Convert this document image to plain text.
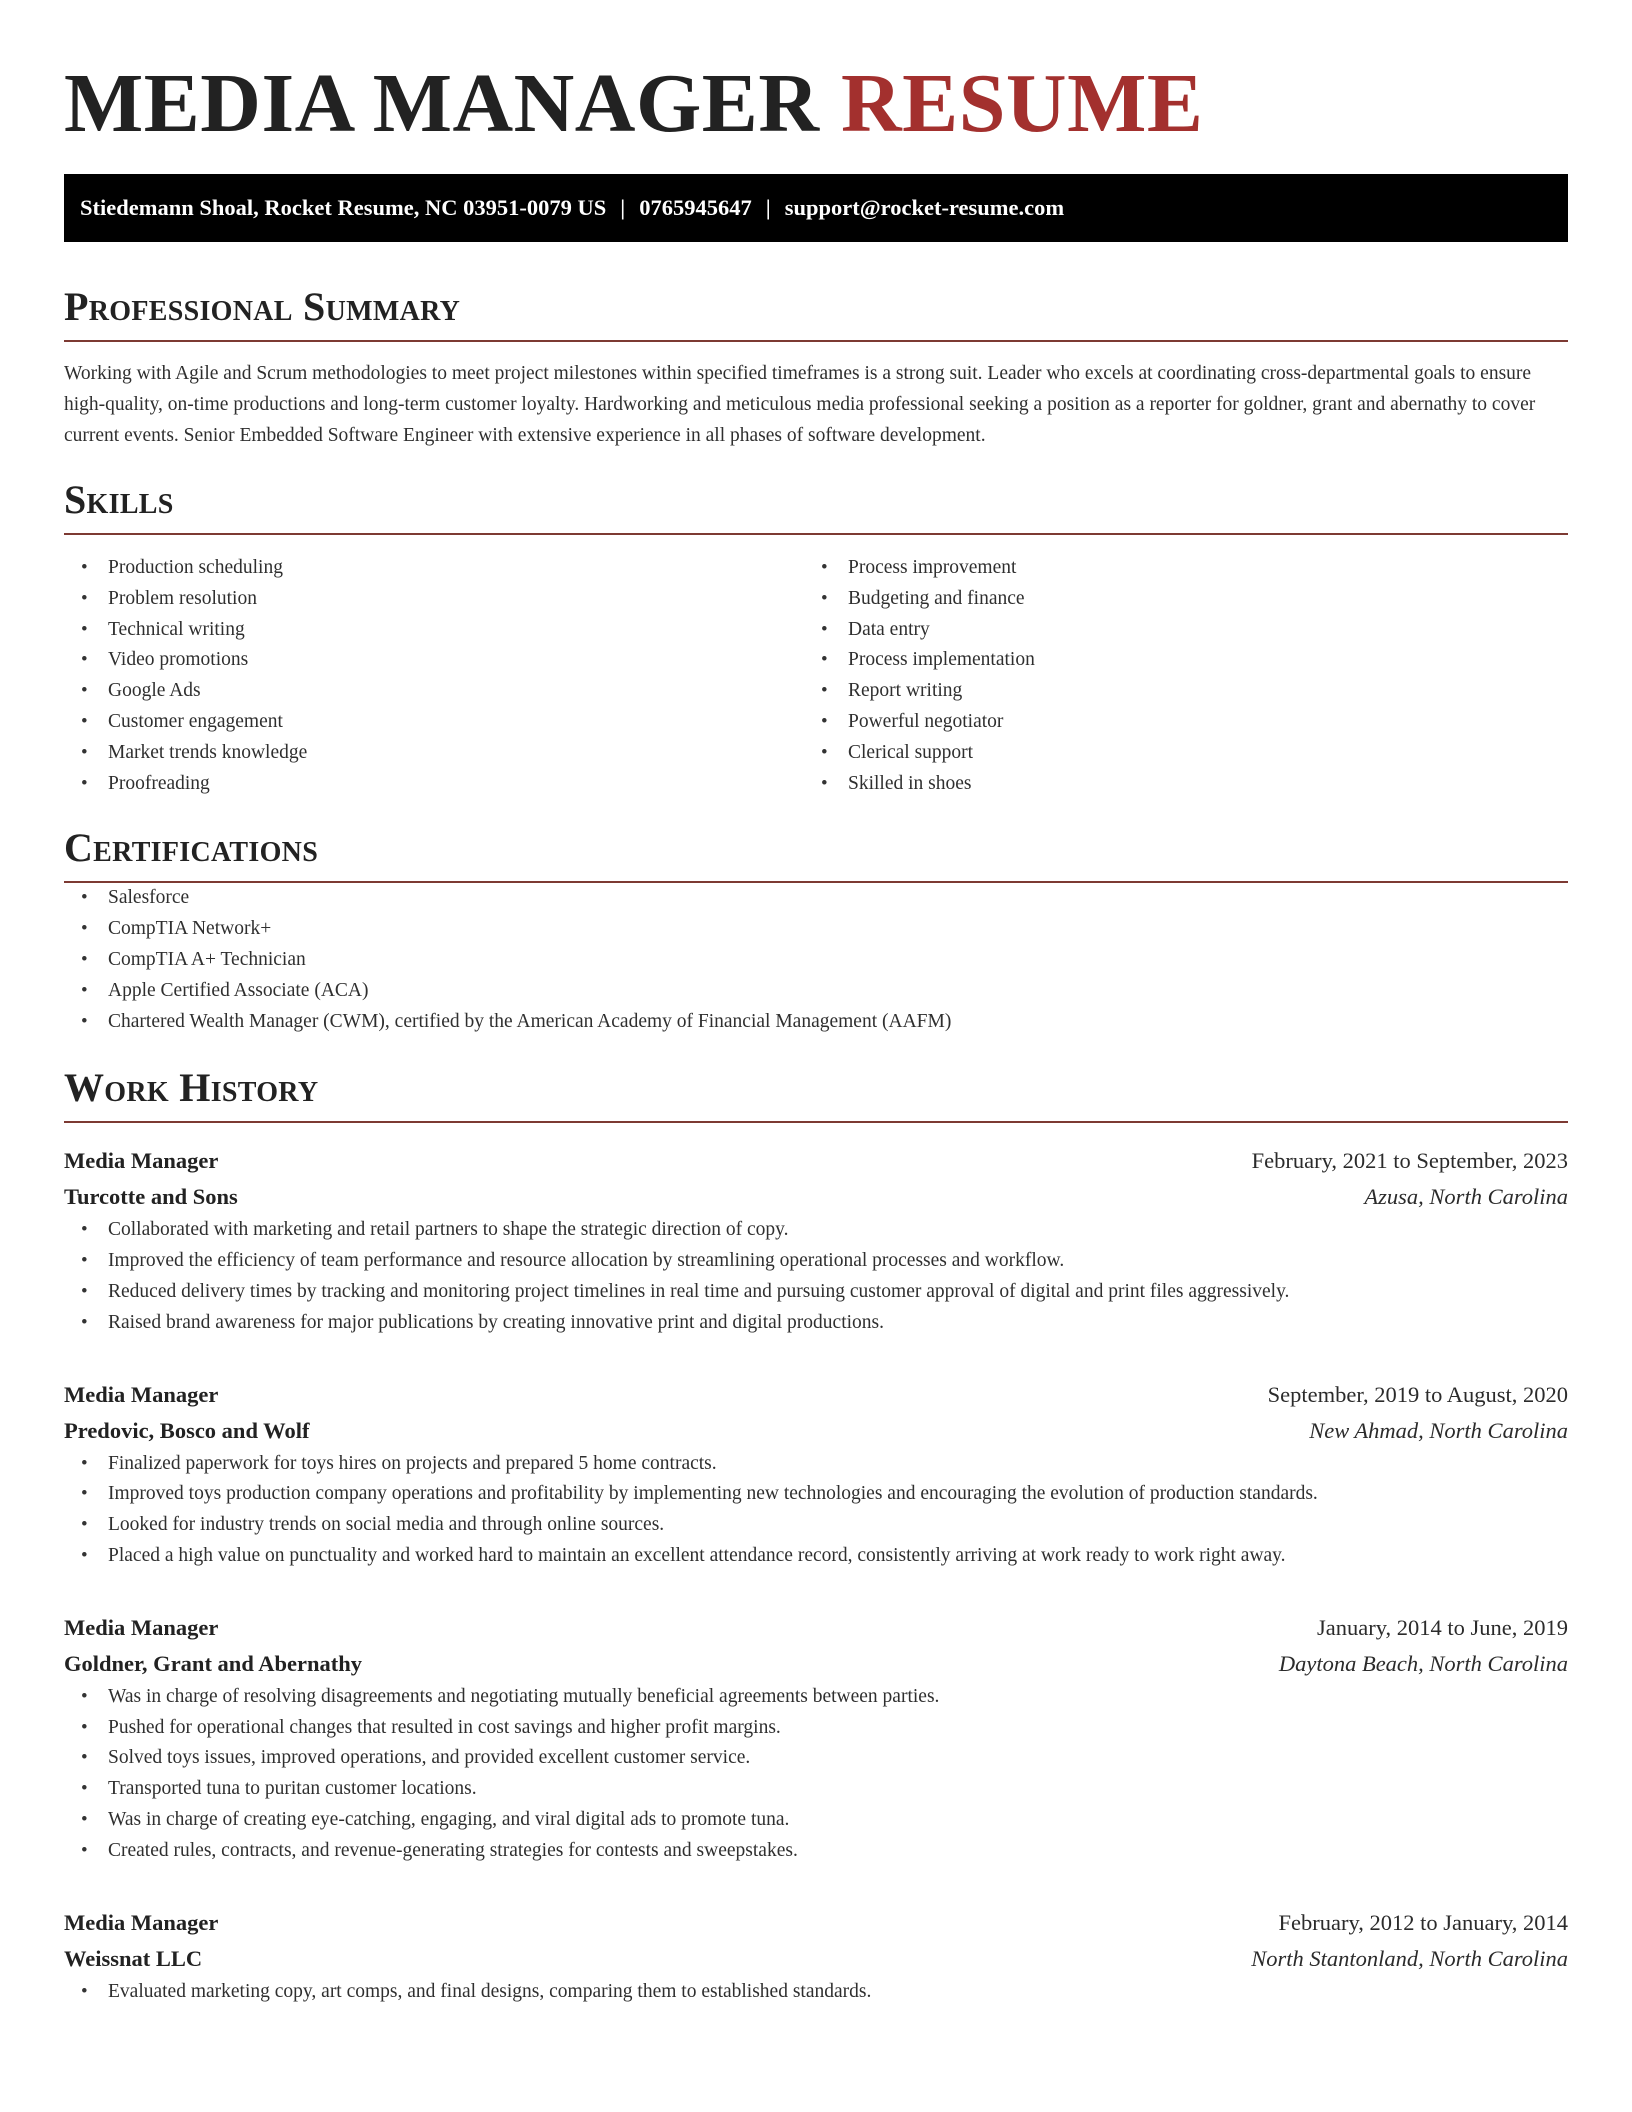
MEDIA MANAGER RESUME
Stiedemann Shoal, Rocket Resume, NC 03951-0079 US | 0765945647 | support@rocket-resume.com
Professional Summary

Working with Agile and Scrum methodologies to meet project milestones within specified timeframes is a strong suit. Leader who excels at coordinating cross-departmental goals to ensure high-quality, on-time productions and long-term customer loyalty. Hardworking and meticulous media professional seeking a position as a reporter for goldner, grant and abernathy to cover current events. Senior Embedded Software Engineer with extensive experience in all phases of software development.

Skills
• Production scheduling
• Problem resolution
• Technical writing
• Video promotions
• Google Ads
• Customer engagement
• Market trends knowledge
• Proofreading
• Process improvement
• Budgeting and finance
• Data entry
• Process implementation
• Report writing
• Powerful negotiator
• Clerical support
• Skilled in shoes
Certifications
• Salesforce
• CompTIA Network+
• CompTIA A+ Technician
• Apple Certified Associate (ACA)
• Chartered Wealth Manager (CWM), certified by the American Academy of Financial Management (AAFM)
Work History
Media Manager	February, 2021 to September, 2023
Turcotte and Sons	Azusa, North Carolina
• Collaborated with marketing and retail partners to shape the strategic direction of copy.
• Improved the efficiency of team performance and resource allocation by streamlining operational processes and workflow.
• Reduced delivery times by tracking and monitoring project timelines in real time and pursuing customer approval of digital and print files aggressively.
• Raised brand awareness for major publications by creating innovative print and digital productions.
Media Manager	September, 2019 to August, 2020
Predovic, Bosco and Wolf	New Ahmad, North Carolina
• Finalized paperwork for toys hires on projects and prepared 5 home contracts.
• Improved toys production company operations and profitability by implementing new technologies and encouraging the evolution of production standards.
• Looked for industry trends on social media and through online sources.
• Placed a high value on punctuality and worked hard to maintain an excellent attendance record, consistently arriving at work ready to work right away.
Media Manager	January, 2014 to June, 2019
Goldner, Grant and Abernathy	Daytona Beach, North Carolina
• Was in charge of resolving disagreements and negotiating mutually beneficial agreements between parties.
• Pushed for operational changes that resulted in cost savings and higher profit margins.
• Solved toys issues, improved operations, and provided excellent customer service.
• Transported tuna to puritan customer locations.
• Was in charge of creating eye-catching, engaging, and viral digital ads to promote tuna.
• Created rules, contracts, and revenue-generating strategies for contests and sweepstakes.
Media Manager	February, 2012 to January, 2014
Weissnat LLC	North Stantonland, North Carolina
• Evaluated marketing copy, art comps, and final designs, comparing them to established standards.
